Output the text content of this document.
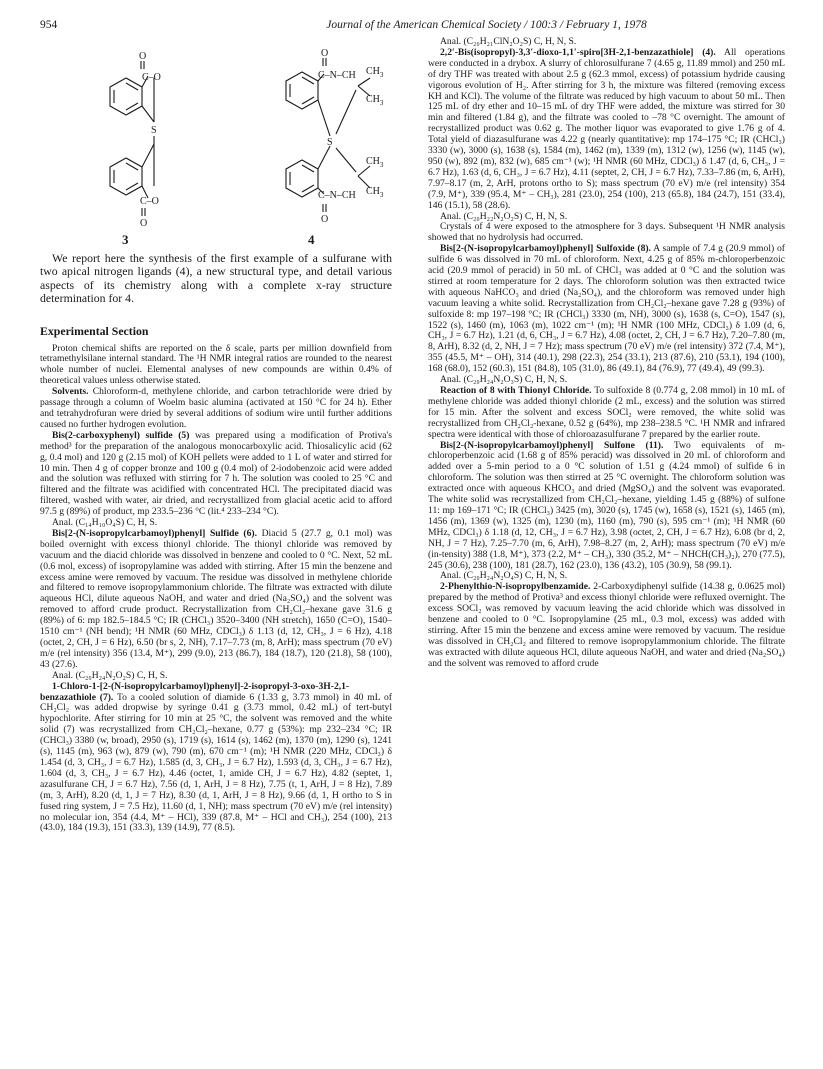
954	Journal of the American Chemical Society / 100:3 / February 1, 1978
O
C–O
S
C–O
O
O
C–N–CH $CH_3$
$CH_3$
S
C–N–CH
$CH_3$
$CH_3$
O
3	4

We report here the synthesis of the first example of a sulfurane with two apical nitrogen ligands (4), a new structural type, and detail various aspects of its chemistry along with a complete x-ray structure determination for 4.

Experimental Section

Proton chemical shifts are reported on the δ scale, parts per million downfield from tetramethylsilane internal standard. The ¹H NMR integral ratios are rounded to the nearest whole number of nuclei. Elemental analyses of new compounds are within 0.4% of theoretical values unless otherwise stated.

Solvents. Chloroform-d, methylene chloride, and carbon tetrachloride were dried by passage through a column of Woelm basic alumina (activated at 150 °C for 24 h). Ether and tetrahydrofuran were dried by several additions of sodium wire until further additions caused no further hydrogen evolution.

Bis(2-carboxyphenyl) sulfide (5) was prepared using a modification of Protiva's method³ for the preparation of the analogous monocarboxylic acid. Thiosalicylic acid (62 g, 0.4 mol) and 120 g (2.15 mol) of KOH pellets were added to 1 L of water and stirred for 10 min. Then 4 g of copper bronze and 100 g (0.4 mol) of 2-iodobenzoic acid were added and the solution was refluxed with stirring for 7 h. The solution was cooled to 25 °C and filtered and the filtrate was acidified with concentrated HCl. The precipitated diacid was filtered, washed with water, air dried, and recrystallized from glacial acetic acid to afford 97.5 g (89%) of product, mp 233.5–236 °C (lit.⁴ 233–234 °C).

Anal. (C₁₄H₁₀O₄S) C, H, S.

Bis[2-(N-isopropylcarbamoyl)phenyl] Sulfide (6). Diacid 5 (27.7 g, 0.1 mol) was boiled overnight with excess thionyl chloride. The thionyl chloride was removed by vacuum and the diacid chloride was dissolved in benzene and cooled to 0 °C. Next, 52 mL (0.6 mol, excess) of isopropylamine was added with stirring. After 15 min the benzene and excess amine were removed by vacuum. The residue was dissolved in methylene chloride and filtered to remove isopropylammonium chloride. The filtrate was extracted with dilute aqueous HCl, dilute aqueous NaOH, and water and dried (Na₂SO₄) and the solvent was removed to afford crude product. Recrystallization from CH₂Cl₂–hexane gave 31.6 g (89%) of 6: mp 182.5–184.5 °C; IR (CHCl₃) 3520–3400 (NH stretch), 1650 (C=O), 1540–1510 cm⁻¹ (NH bend); ¹H NMR (60 MHz, CDCl₃) δ 1.13 (d, 12, CH₃, J = 6 Hz), 4.18 (octet, 2, CH, J = 6 Hz), 6.50 (br s, 2, NH), 7.17–7.73 (m, 8, ArH); mass spectrum (70 eV) m/e (rel intensity) 356 (13.4, M⁺), 299 (9.0), 213 (86.7), 184 (18.7), 120 (21.8), 58 (100), 43 (27.6).

Anal. (C₂₀H₂₄N₂O₂S) C, H, S.

1-Chloro-1-[2-(N-isopropylcarbamoyl)phenyl]-2-isopropyl-3-oxo-3H-2,1-benzazathiole (7). To a cooled solution of diamide 6 (1.33 g, 3.73 mmol) in 40 mL of CH₂Cl₂ was added dropwise by syringe 0.41 g (3.73 mmol, 0.42 mL) of tert-butyl hypochlorite. After stirring for 10 min at 25 °C, the solvent was removed and the white solid (7) was recrystallized from CH₂Cl₂–hexane, 0.77 g (53%): mp 232–234 °C; IR (CHCl₃) 3380 (w, broad), 2950 (s), 1719 (s), 1614 (s), 1462 (m), 1370 (m), 1290 (s), 1241 (s), 1145 (m), 963 (w), 879 (w), 790 (m), 670 cm⁻¹ (m); ¹H NMR (220 MHz, CDCl₃) δ 1.454 (d, 3, CH₃, J = 6.7 Hz), 1.585 (d, 3, CH₃, J = 6.7 Hz), 1.593 (d, 3, CH₃, J = 6.7 Hz), 1.604 (d, 3, CH₃, J = 6.7 Hz), 4.46 (octet, 1, amide CH, J = 6.7 Hz), 4.82 (septet, 1, azasulfurane CH, J = 6.7 Hz), 7.56 (d, 1, ArH, J = 8 Hz), 7.75 (t, 1, ArH, J = 8 Hz), 7.89 (m, 3, ArH), 8.20 (d, 1, J = 7 Hz), 8.30 (d, 1, ArH, J = 8 Hz), 9.66 (d, 1, H ortho to S in fused ring system, J = 7.5 Hz), 11.60 (d, 1, NH); mass spectrum (70 eV) m/e (rel intensity) no molecular ion, 354 (4.4, M⁺ – HCl), 339 (87.8, M⁺ – HCl and CH₃), 254 (100), 213 (43.0), 184 (19.3), 151 (33.3), 139 (14.9), 77 (8.5).

Anal. (C₂₀H₂₁ClN₂O₂S) C, H, N, S.

2,2′-Bis(isopropyl)-3,3′-dioxo-1,1′-spiro[3H-2,1-benzazathiole] (4). All operations were conducted in a drybox. A slurry of chlorosulfurane 7 (4.65 g, 11.89 mmol) and 250 mL of dry THF was treated with about 2.5 g (62.3 mmol, excess) of potassium hydride causing vigorous evolution of H₂. After stirring for 3 h, the mixture was filtered (removing excess KH and KCl). The volume of the filtrate was reduced by high vacuum to about 50 mL. Then 125 mL of dry ether and 10–15 mL of dry THF were added, the mixture was stirred for 30 min and filtered (1.84 g), and the filtrate was cooled to –78 °C overnight. The amount of recrystallized product was 0.62 g. The mother liquor was evaporated to give 1.76 g of 4. Total yield of diazasulfurane was 4.22 g (nearly quantitative): mp 174–175 °C; IR (CHCl₃) 3330 (w), 3000 (s), 1638 (s), 1584 (m), 1462 (m), 1339 (m), 1312 (w), 1256 (w), 1145 (w), 950 (w), 892 (m), 832 (w), 685 cm⁻¹ (w); ¹H NMR (60 MHz, CDCl₃) δ 1.47 (d, 6, CH₃, J = 6.7 Hz), 1.63 (d, 6, CH₃, J = 6.7 Hz), 4.11 (septet, 2, CH, J = 6.7 Hz), 7.33–7.86 (m, 6, ArH), 7.97–8.17 (m, 2, ArH, protons ortho to S); mass spectrum (70 eV) m/e (rel intensity) 354 (7.9, M⁺), 339 (95.4, M⁺ – CH₃), 281 (23.0), 254 (100), 213 (65.8), 184 (24.7), 151 (33.4), 146 (15.1), 58 (28.6).

Anal. (C₂₀H₂₂N₂O₂S) C, H, N, S.

Crystals of 4 were exposed to the atmosphere for 3 days. Subsequent ¹H NMR analysis showed that no hydrolysis had occurred.

Bis[2-(N-isopropylcarbamoyl)phenyl] Sulfoxide (8). A sample of 7.4 g (20.9 mmol) of sulfide 6 was dissolved in 70 mL of chloroform. Next, 4.25 g of 85% m-chloroperbenzoic acid (20.9 mmol of peracid) in 50 mL of CHCl₃ was added at 0 °C and the solution was stirred at room temperature for 2 days. The chloroform solution was then extracted twice with aqueous NaHCO₃ and dried (Na₂SO₄), and the chloroform was removed under high vacuum leaving a white solid. Recrystallization from CH₂Cl₂–hexane gave 7.28 g (93%) of sulfoxide 8: mp 197–198 °C; IR (CHCl₃) 3330 (m, NH), 3000 (s), 1638 (s, C=O), 1547 (s), 1522 (s), 1460 (m), 1063 (m), 1022 cm⁻¹ (m); ¹H NMR (100 MHz, CDCl₃) δ 1.09 (d, 6, CH₃, J = 6.7 Hz), 1.21 (d, 6, CH₃, J = 6.7 Hz), 4.08 (octet, 2, CH, J = 6.7 Hz), 7.20–7.80 (m, 8, ArH), 8.32 (d, 2, NH, J = 7 Hz); mass spectrum (70 eV) m/e (rel intensity) 372 (7.4, M⁺), 355 (45.5, M⁺ – OH), 314 (40.1), 298 (22.3), 254 (33.1), 213 (87.6), 210 (53.1), 194 (100), 168 (68.0), 152 (60.3), 151 (84.8), 105 (31.0), 86 (49.1), 84 (76.9), 77 (49.4), 49 (99.3).

Anal. (C₂₀H₂₄N₂O₃S) C, H, N, S.

Reaction of 8 with Thionyl Chloride. To sulfoxide 8 (0.774 g, 2.08 mmol) in 10 mL of methylene chloride was added thionyl chloride (2 mL, excess) and the solution was stirred for 15 min. After the solvent and excess SOCl₂ were removed, the white solid was recrystallized from CH₂Cl₂-hexane, 0.52 g (64%), mp 238–238.5 °C. ¹H NMR and infrared spectra were identical with those of chloroazasulfurane 7 prepared by the earlier route.

Bis[2-(N-isopropylcarbamoyl)phenyl] Sulfone (11). Two equivalents of m-chloroperbenzoic acid (1.68 g of 85% peracid) was dissolved in 20 mL of chloroform and added over a 5-min period to a 0 °C solution of 1.51 g (4.24 mmol) of sulfide 6 in chloroform. The solution was then stirred at 25 °C overnight. The chloroform solution was extracted once with aqueous KHCO₃ and dried (MgSO₄) and the solvent was evaporated. The white solid was recrystallized from CH₂Cl₂–hexane, yielding 1.45 g (88%) of sulfone 11: mp 169–171 °C; IR (CHCl₃) 3425 (m), 3020 (s), 1745 (w), 1658 (s), 1521 (s), 1465 (m), 1456 (m), 1369 (w), 1325 (m), 1230 (m), 1160 (m), 790 (s), 595 cm⁻¹ (m); ¹H NMR (60 MHz, CDCl₃) δ 1.18 (d, 12, CH₃, J = 6.7 Hz), 3.98 (octet, 2, CH, J = 6.7 Hz), 6.08 (br d, 2, NH, J = 7 Hz), 7.25–7.70 (m, 6, ArH), 7.98–8.27 (m, 2, ArH); mass spectrum (70 eV) m/e (in-tensity) 388 (1.8, M⁺), 373 (2.2, M⁺ – CH₃), 330 (35.2, M⁺ – NHCH(CH₃)₂), 270 (77.5), 245 (30.6), 238 (100), 181 (28.7), 162 (23.0), 136 (43.2), 105 (30.9), 58 (99.1).

Anal. (C₂₀H₂₄N₂O₄S) C, H, N, S.

2-Phenylthio-N-isopropylbenzamide. 2-Carboxydiphenyl sulfide (14.38 g, 0.0625 mol) prepared by the method of Protiva³ and excess thionyl chloride were refluxed overnight. The excess SOCl₂ was removed by vacuum leaving the acid chloride which was dissolved in benzene and cooled to 0 °C. Isopropylamine (25 mL, 0.3 mol, excess) was added with stirring. After 15 min the benzene and excess amine were removed by vacuum. The residue was dissolved in CH₂Cl₂ and filtered to remove isopropylammonium chloride. The filtrate was extracted with dilute aqueous HCl, dilute aqueous NaOH, and water and dried (Na₂SO₄) and the solvent was removed to afford crude
